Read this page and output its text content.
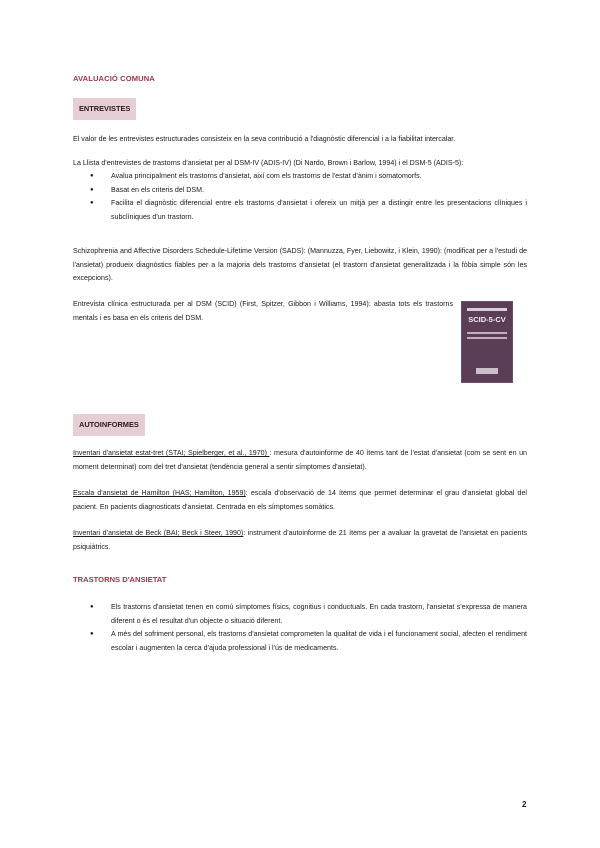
AVALUACIÓ COMUNA
ENTREVISTES
El valor de les entrevistes estructurades consisteix en la seva contribució a l'diagnòstic diferencial i a la fiabilitat intercalar.
La Llista d'entrevistes de trastorns d'ansietat per al DSM-IV (ADIS-IV) (Di Nardo, Brown i Barlow, 1994) i el DSM-5 (ADIS-5):
● Avalua principalment els trastorns d'ansietat, així com els trastorns de l'estat d'ànim i somatomorfs.
● Basat en els criteris del DSM.
● Facilita el diagnòstic diferencial entre els trastorns d'ansietat i ofereix un mitjà per a distingir entre les presentacions clíniques i subclíniques d'un trastorn.
Schizophrenia and Affective Disorders Schedule-Lifetime Version (SADS): (Mannuzza, Fyer, Liebowitz, i Klein, 1990): (modificat per a l'estudi de l'ansietat) produeix diagnòstics fiables per a la majoria dels trastorns d'ansietat (el trastorn d'ansietat generalitzada i la fòbia simple són les excepcions).
Entrevista clínica estructurada per al DSM (SCID) (First, Spitzer, Gibbon i Williams, 1994): abasta tots els trastorns mentals i es basa en els criteris del DSM.	SCID-5-CV
AUTOINFORMES
Inventari d'ansietat estat-tret (STAI; Spielberger, et al., 1970) : mesura d'autoinforme de 40 ítems tant de l'estat d'ansietat (com se sent en un moment determinat) com del tret d'ansietat (tendència general a sentir símptomes d'ansietat).
Escala d'ansietat de Hamilton (HAS; Hamilton, 1959): escala d'observació de 14 ítems que permet determinar el grau d'ansietat global del pacient. En pacients diagnosticats d'ansietat. Centrada en els símptomes somàtics.
Inventari d'ansietat de Beck (BAI; Beck i Steer, 1990): instrument d'autoinforme de 21 ítems per a avaluar la gravetat de l'ansietat en pacients psiquiàtrics.
TRASTORNS D'ANSIETAT
● Els trastorns d'ansietat tenen en comú símptomes físics, cognitius i conductuals. En cada trastorn, l'ansietat s'expressa de manera diferent o és el resultat d'un objecte o situació diferent.
● A més del sofriment personal, els trastorns d'ansietat comprometen la qualitat de vida i el funcionament social, afecten el rendiment escolar i augmenten la cerca d'ajuda professional i l'ús de medicaments.
2
